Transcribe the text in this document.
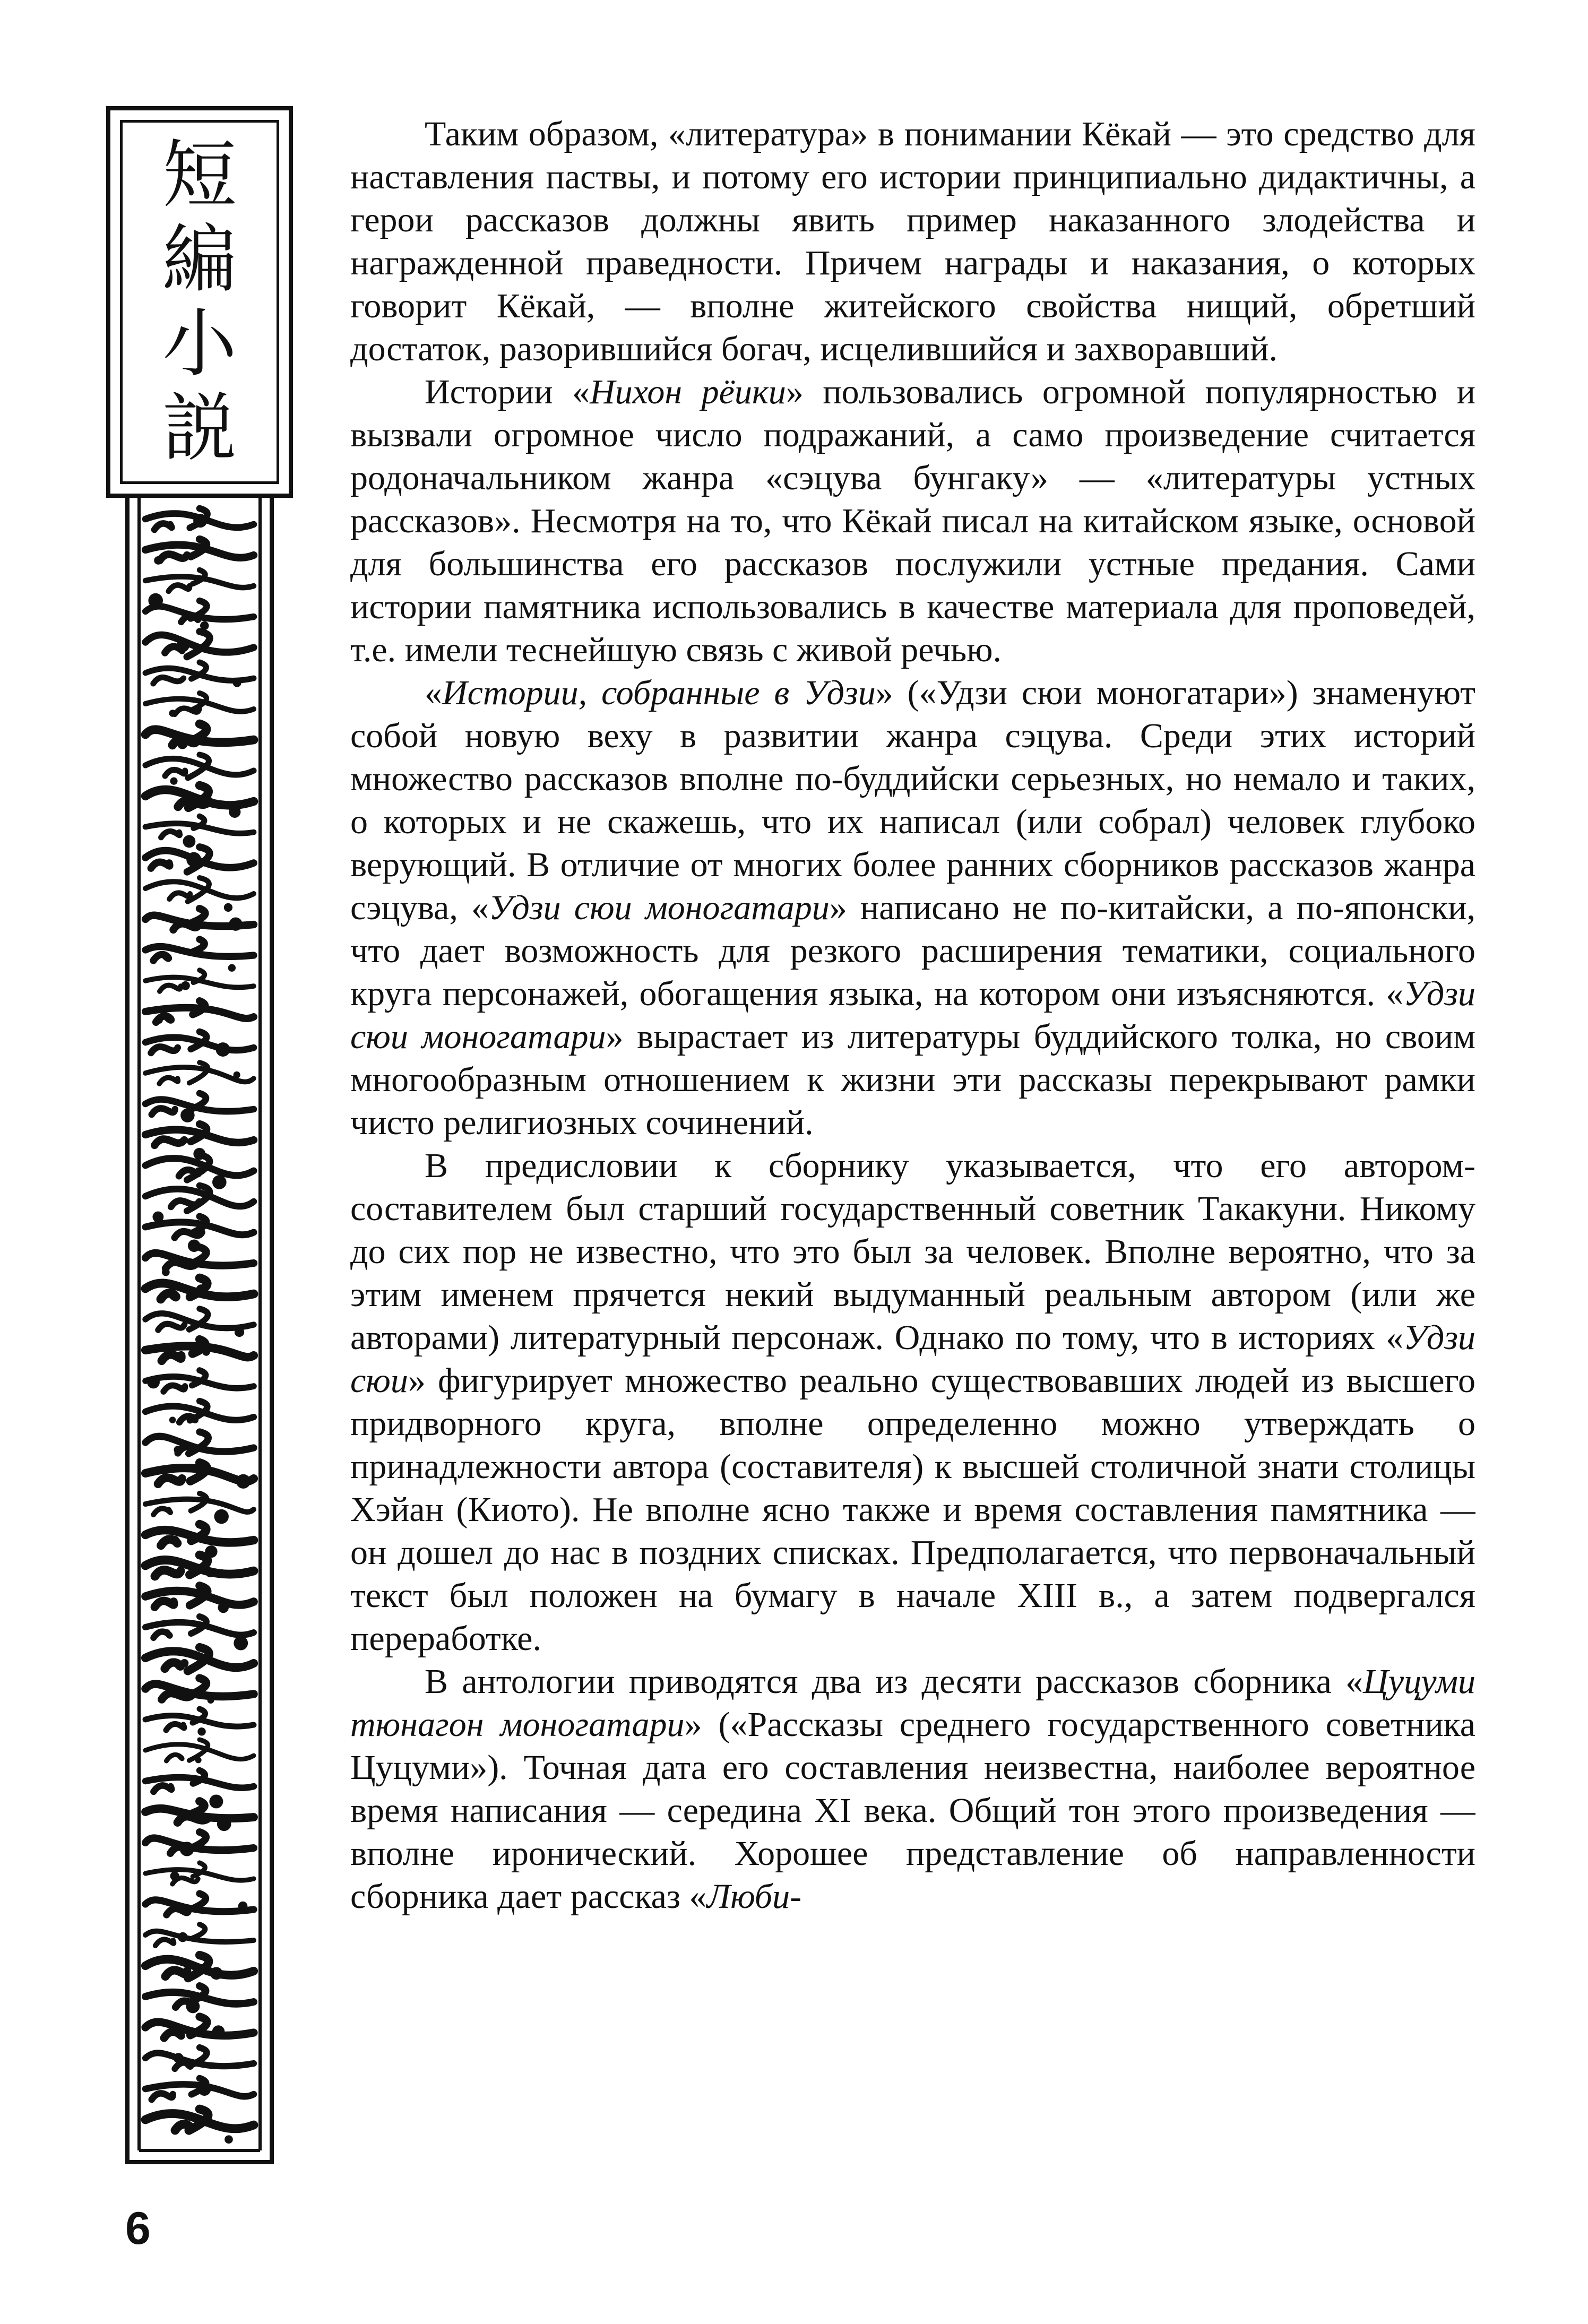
短
編
小
説

Таким образом, «литература» в понимании Кёкай — это средство для наставления паствы, и потому его истории принципиально дидактичны, а герои рассказов должны явить пример наказанного злодейства и награжденной праведности. Причем награды и наказания, о которых говорит Кёкай, — вполне житейского свойства нищий, обретший достаток, разорившийся богач, исцелившийся и захворавший.

Истории «Нихон рёики» пользовались огромной популярностью и вызвали огромное число подражаний, а само произведение считается родоначальником жанра «сэцува бунгаку» — «литературы устных рассказов». Несмотря на то, что Кёкай писал на китайском языке, основой для большинства его рассказов послужили устные предания. Сами истории памятника использовались в качестве материала для проповедей, т.е. имели теснейшую связь с живой речью.

«Истории, собранные в Удзи» («Удзи сюи моногатари») знаменуют собой новую веху в развитии жанра сэцува. Среди этих историй множество рассказов вполне по-буддийски серьезных, но немало и таких, о которых и не скажешь, что их написал (или собрал) человек глубоко верующий. В отличие от многих более ранних сборников рассказов жанра сэцува, «Удзи сюи моногатари» написано не по-китайски, а по-японски, что дает возможность для резкого расширения тематики, социального круга персонажей, обогащения языка, на котором они изъясняются. «Удзи сюи моногатари» вырастает из литературы буддийского толка, но своим многообразным отношением к жизни эти рассказы перекрывают рамки чисто религиозных сочинений.

В предисловии к сборнику указывается, что его автором-составителем был старший государственный советник Такакуни. Никому до сих пор не известно, что это был за человек. Вполне вероятно, что за этим именем прячется некий выдуманный реальным автором (или же авторами) литературный персонаж. Однако по тому, что в историях «Удзи сюи» фигурирует множество реально существовавших людей из высшего придворного круга, вполне определенно можно утверждать о принадлежности автора (составителя) к высшей столичной знати столицы Хэйан (Киото). Не вполне ясно также и время составления памятника — он дошел до нас в поздних списках. Предполагается, что первоначальный текст был положен на бумагу в начале XIII в., а затем подвергался переработке.

В антологии приводятся два из десяти рассказов сборника «Цуцуми тюнагон моногатари» («Рассказы среднего государственного советника Цуцуми»). Точная дата его составления неизвестна, наиболее вероятное время написания — середина XI века. Общий тон этого произведения — вполне иронический. Хорошее представление об направленности сборника дает рассказ «Люби-

6
